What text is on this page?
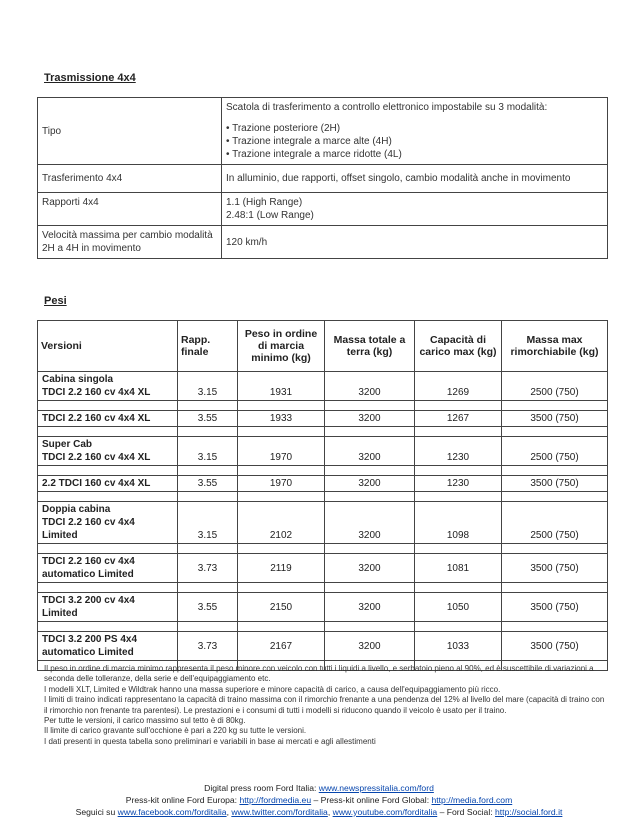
Trasmissione 4x4
Tipo	Scatola di trasferimento a controllo elettronico impostabile su 3 modalità:
• Trazione posteriore (2H)
• Trazione integrale a marce alte (4H)
• Trazione integrale a marce ridotte (4L)

Trasferimento 4x4	In alluminio, due rapporti, offset singolo, cambio modalità anche in movimento
Rapporti 4x4	1.1 (High Range)
2.48:1 (Low Range)

Velocità massima per cambio modalità 2H a 4H in movimento	120 km/h
Pesi
Versioni	Rapp. finale	Peso in ordine di marcia minimo (kg)	Massa totale a terra (kg)	Capacità di carico max (kg)	Massa max rimorchiabile (kg)

Cabina singola
TDCI 2.2 160 cv 4x4 XL	3.15	1931	3200	1269	2500 (750)

TDCI 2.2 160 cv 4x4 XL	3.55	1933	3200	1267	3500 (750)

Super Cab
TDCI 2.2 160 cv 4x4 XL	3.15	1970	3200	1230	2500 (750)

2.2 TDCI 160 cv 4x4 XL	3.55	1970	3200	1230	3500 (750)

Doppia cabina
TDCI 2.2 160 cv 4x4 Limited	3.15	2102	3200	1098	2500 (750)

TDCI 2.2 160 cv 4x4 automatico Limited	3.73	2119	3200	1081	3500 (750)

TDCI 3.2 200 cv 4x4 Limited	3.55	2150	3200	1050	3500 (750)

TDCI 3.2 200 PS 4x4 automatico Limited	3.73	2167	3200	1033	3500 (750)

Il peso in ordine di marcia minimo rappresenta il peso minore con veicolo con tutti i liquidi a livello, e serbatoio pieno al 90%, ed è suscettibile di variazioni a seconda delle tolleranze, della serie e dell'equipaggiamento etc.
I modelli XLT, Limited e Wildtrak hanno una massa superiore e minore capacità di carico, a causa dell'equipaggiamento più ricco.
I limiti di traino indicati rappresentano la capacità di traino massima con il rimorchio frenante a una pendenza del 12% al livello del mare (capacità di traino con il rimorchio non frenante tra parentesi). Le prestazioni e i consumi di tutti i modelli si riducono quando il veicolo è usato per il traino.
Per tutte le versioni, il carico massimo sul tetto è di 80kg.
Il limite di carico gravante sull'occhione è pari a 220 kg su tutte le versioni.
I dati presenti in questa tabella sono preliminari e variabili in base ai mercati e agli allestimenti
Digital press room Ford Italia: www.newspressitalia.com/ford
Press-kit online Ford Europa: http://fordmedia.eu – Press-kit online Ford Global: http://media.ford.com
Seguici su www.facebook.com/forditalia, www.twitter.com/forditalia, www.youtube.com/forditalia – Ford Social: http://social.ford.it
